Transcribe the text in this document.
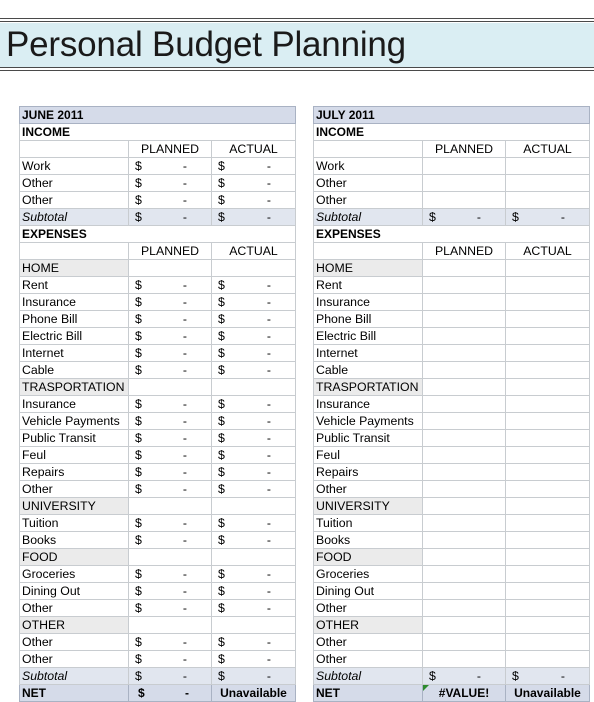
Personal Budget Planning
JUNE 2011		
INCOME		
	PLANNED	ACTUAL
Work	$ -	$ -

Other	$ -	$ -

Other	$ -	$ -

Subtotal	$ -	$ -

EXPENSES		
	PLANNED	ACTUAL
HOME		
Rent	$ -	$ -

Insurance	$ -	$ -

Phone Bill	$ -	$ -

Electric Bill	$ -	$ -

Internet	$ -	$ -

Cable	$ -	$ -

TRASPORTATION		
Insurance	$ -	$ -

Vehicle Payments	$ -	$ -

Public Transit	$ -	$ -

Feul	$ -	$ -

Repairs	$ -	$ -

Other	$ -	$ -

UNIVERSITY		
Tuition	$ -	$ -

Books	$ -	$ -

FOOD		
Groceries	$ -	$ -

Dining Out	$ -	$ -

Other	$ -	$ -

OTHER		
Other	$ -	$ -

Other	$ -	$ -

Subtotal	$ -	$ -

NET	$ -	Unavailable
JULY 2011		
INCOME		
	PLANNED	ACTUAL
Work		
Other		
Other		
Subtotal	$ -	$ -

EXPENSES		
	PLANNED	ACTUAL
HOME		
Rent		
Insurance		
Phone Bill		
Electric Bill		
Internet		
Cable		
TRASPORTATION		
Insurance		
Vehicle Payments		
Public Transit		
Feul		
Repairs		
Other		
UNIVERSITY		
Tuition		
Books		
FOOD		
Groceries		
Dining Out		
Other		
OTHER		
Other		
Other		
Subtotal	$ -	$ -

NET	#VALUE!	Unavailable
